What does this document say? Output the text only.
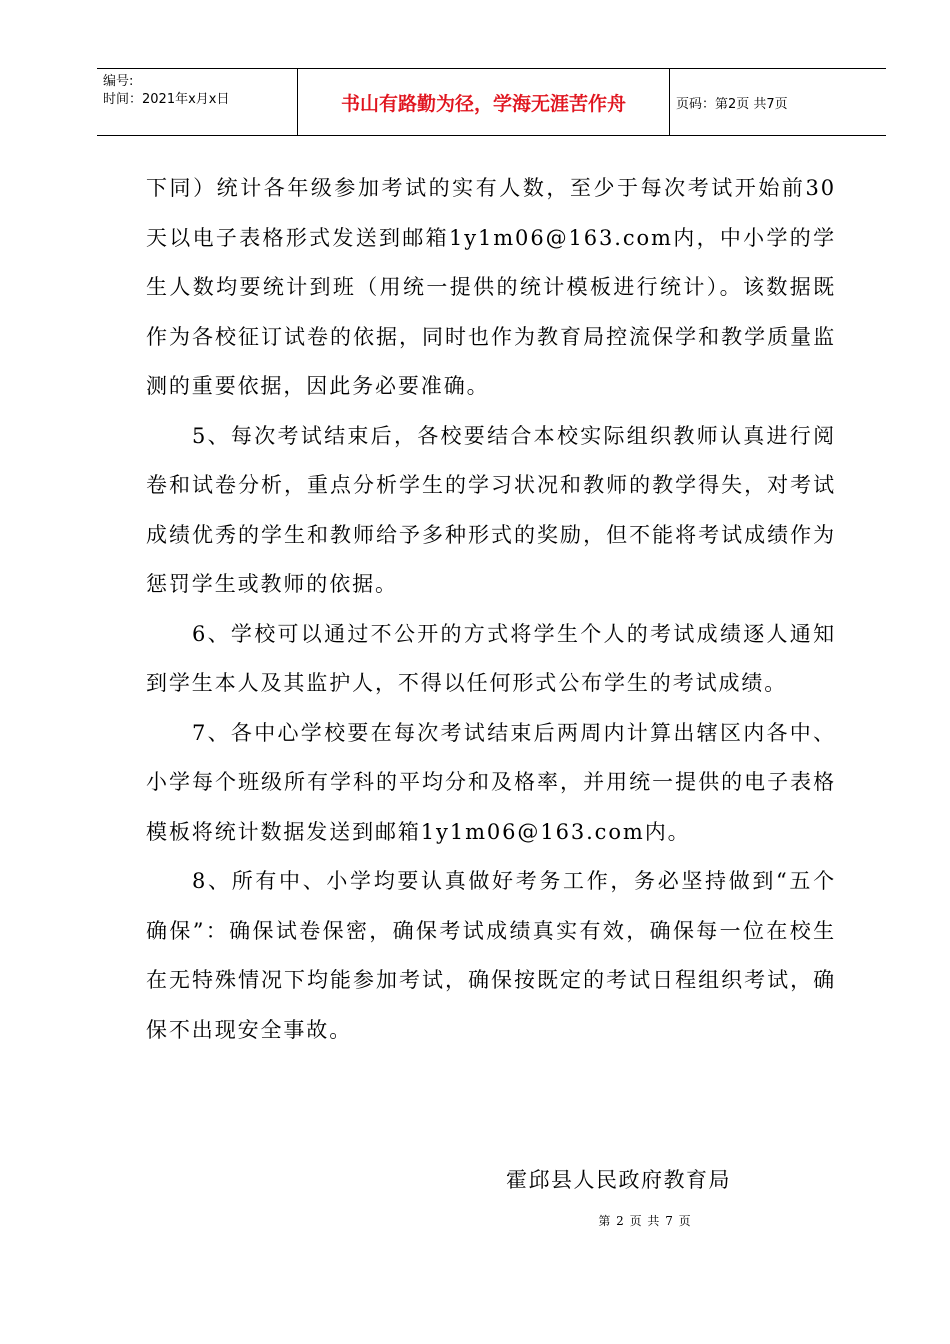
编号:
时间：2021年x月x日	书山有路勤为径，学海无涯苦作舟	页码：第2页 共7页

下同）统计各年级参加考试的实有人数，至少于每次考试开始前30天以电子表格形式发送到邮箱1y1m06@163.com内，中小学的学生人数均要统计到班（用统一提供的统计模板进行统计）。该数据既作为各校征订试卷的依据，同时也作为教育局控流保学和教学质量监测的重要依据，因此务必要准确。

5、每次考试结束后，各校要结合本校实际组织教师认真进行阅卷和试卷分析，重点分析学生的学习状况和教师的教学得失，对考试成绩优秀的学生和教师给予多种形式的奖励，但不能将考试成绩作为惩罚学生或教师的依据。

6、学校可以通过不公开的方式将学生个人的考试成绩逐人通知到学生本人及其监护人，不得以任何形式公布学生的考试成绩。

7、各中心学校要在每次考试结束后两周内计算出辖区内各中、小学每个班级所有学科的平均分和及格率，并用统一提供的电子表格模板将统计数据发送到邮箱1y1m06@163.com内。

8、所有中、小学均要认真做好考务工作，务必坚持做到“五个确保”：确保试卷保密，确保考试成绩真实有效，确保每一位在校生在无特殊情况下均能参加考试，确保按既定的考试日程组织考试，确保不出现安全事故。

霍邱县人民政府教育局
第 2 页 共 7 页
